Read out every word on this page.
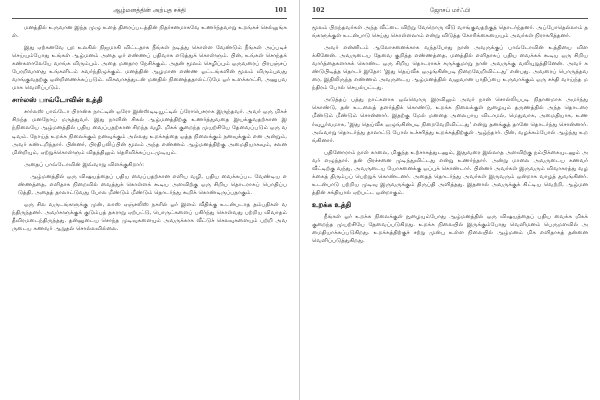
ஆழ்மனத்தின் அற்புத சக்தி	101

மனத்தில் உருவான இந்த முழு உளத் திரைப்படத்தின் நிதர்சனமாகவே உணர்ந்தவாறு உறங்கச் செல்லுங்கள்.

இது ஏற்கனவே புற உலகில் நிஜமாகி விட்டதாக நீங்கள் நடித்து கொள்ள வேண்டும் நீங்கள் அப்படிச் செய்யும்போது உங்கள் ஆழ்மனம் அதை ஓர் எண்ணப் பதிவாக எடுத்துக் கொள்ளும். பின், உங்கள் சொந்தக் கண்களாலேயே வாங்க விரும்பும். அதை மனதார நேசிக்கும். அதன் மூலம் செழிப்பும் ஒருவரைப் பிரபஞ்சப் பேரறிவாளது உங்களிடம் கவர்ந்திழுக்கும். மனத்தின் ஆழமான எண்ண ஓட்டங்களின் மூலம் விரும்புவது வாங்குவதற்கு ஒன்றிணைக்கப்படும். விசுவாசத்துடன் மனதில் நினைத்ததால்ட்டுமே ஓர் உளக்காட்சி, அனுபவமாக வெளிப்படும்.

சார்லஸ் பாவ்டோவின் உத்தி

சார்லஸ் பாவ்டோ பிரான்சு நாட்டின் ஒரோ இன்ஸ்டிடியூட்டில் ப்ரோபெசராக இருந்தவர். அவர் ஒரு மிகச் சிறந்த மனநோய் மருத்துவர். இது நாளின் சிகல் ஆழ்மனத்திற்கு உணர்த்துவதை இயக்குவதற்கான இந்நிலையே ஆழ்மனத்தில் பதிய வைப்பதற்கான சிறந்த வழி. மிகக் குறைந்த முயற்சியே தேவைப்படும் ஒரு வடிவம். நோய்த் உறக்க நிலைக்கும் நனவுக்கும் அல்லது உறக்கத்தை ஒத்த நிலைக்கும் நனவுக்கும் என அன்றும், அவர் கண்டறிந்தார். பின்னர், பிரதிபலிப்பின் மூலம் அந்த எண்ணம் ஆழ்மனத்திற்கு அமைதியாகவும், சலனமின்றியும், ஏற்றுக்கொள்ளும் விதத்திலும் தெரிவிக்கப்படமுடியும்.

அதைப் பாவ்டோவின் இவ்வாறு விளக்குகிறார்:

ஆழ்மனத்தில் ஒரு விஷயத்தைப் பதிய வைப்பதற்கான எளிய வழி, பதிய வைக்கப்பட வேண்டிய எண்ணத்தை, எளிதாக நிறைவில் வைத்துக் கொள்ளக் கூடிய அளவிற்கு ஒரு சிறிய தொடராகப் பொதிப்படுத்தி, அதைத் தாலாட்டுவது போல மீண்டும் மீண்டும் தொடர்ந்து கூறிக் கொண்டிருப்பதாகும்.

ஒரு சில வருடங்களுக்கு முன், லாஸ் ஏஞ்சலிஸ் நகரில் ஓர் இளம் வீதிக்கு உடன்படாத தம்பதிகள் வந்திருந்தனர். அவர்களுக்குக் குடும்பத் தகராறு ஏற்பட்டு, பொருட்களைப் பகிர்ந்து கொள்வது பற்றிய விவாதம் தீவிரமடைந்திருந்தது. தன்னுடைய சொந்த முடிவுகளையும் அவருக்காக வீட்டுச் செலவுகளையும் பற்றி அவருடைய கணவர் ஆறுதல் சொல்லவில்லை.

102	ஜோசப் மர்ஃபி

மூலம் பிறந்தவர்கள் அந்த வீட்டை விற்று வேறொரு வீடு வாங்குவதற்குத் தொடர்ந்தனர். அப்போதெல்லாம் தங்களுக்குள் உடன்பாடு செய்து கொள்ளலாம் என்று விடுத்த கோரிக்கையையும் அவர்கள் நிராகரித்தனர்.

அவர் என்னிடம் ஆலோசனைக்காக வந்தபோது நான் அவருக்குப் பாவ்டோவின் உத்தியை விளக்கினேன். அவருடைய தேவை குறித்த எண்ணத்தை, மனத்தில் எளிதாகப் பதிய வைக்கக் கூடிய ஒரு சிறிய வார்த்தைகளாகக் கொண்ட ஒரு சிறிய தொடராகச் சுருக்குமாறு நான் அவருக்கு வலியுறுத்தினேன். அவர் கண்டுபிடித்த தொடர் இதோ: 'இது தெய்வீக ஒழுங்கின்படி நிறைவேறிவிட்டது' என்பது. அவரைப் பொருத்தவரை, இதிலிருந்த எண்ணம் அவருடைய ஆழ்மனத்தில் வலுவான பாதிப்பை உருவாக்கும் ஒரு சக்தி வாய்ந்த மந்திரம் போல் செயல்பட்டது.

அடுத்தப் பத்து நாட்களாக ஒவ்வொரு இரவிலும் அவர் நான் சொல்லியபடி நிதானமாக அமர்ந்து கொண்டு, தன் உடலைத் தளர்த்திக் கொண்டு, உறக்க நிலைக்குள் நுழையும் தருணத்தில் அந்த தொடரை மீண்டும் மீண்டும் சொன்னார். இதற்கு மேல் மனதை அலைபாய விடாமல், மெதுவாக, அமைதியாக, உணர்வுபூர்வமாக, 'இது தெய்வீக ஒழுங்கின்படி நிறைவேறிவிட்டது' என்று தனக்குத் தானே தொடர்ந்து சொன்னார். அவ்வாறு தொடர்ந்து தாலாட்டு போல் உச்சரித்து உறக்கத்திற்குள் ஆழ்ந்தார். பின், வழக்கம்போல் ஆழ்ந்து உறங்கினார்.

பதினோராம் நாள் காலை, மிகுந்த உற்சாகத்துடனும், இதுவரை இல்லாத அளவிற்கு நம்பிக்கையுடனும் அவர் எழுந்தார். தன் பிரச்சனை முடிந்துவிட்டது என்று உணர்ந்தார். அன்று மாலை அவருடைய கணவர் வீட்டிற்கு வந்து, அவருடைய யோசனைக்கு ஒப்புக் கொண்டார். பின்னர் அவர்கள் இருவரும் விவாகரத்து வழக்கைத் திரும்பப் பெற்றுக் கொண்டனர். அதைத் தொடர்ந்து அவர்கள் இருவரும் ஒன்றாக வாழத் துவங்கினர். உடன்பாடு பற்றிய முடிவு இருவருக்கும் திருப்தி அளித்தது. இதனால் அவருக்குக் கிட்டிய வெற்றி, ஆழ்மனத்தின் சக்தியால் ஏற்பட்ட ஒன்றாகும்.

உறக்க உத்தி

நீங்கள் ஓர் உறக்க நிலைக்குள் நுழையும்போது ஆழ்மனத்தில் ஒரு விஷயத்தைப் பதிய வைக்க மிகக் குறைந்த முயற்சியே தேவைப்படுகிறது. உறக்க நிலையில் இருக்கும்போது வெளிமனம் பெருமளவில் அமைதியாக்கப்படுகிறது. உறக்கத்திற்குச் சற்று முன்பு உள்ள நிலையில் ஆழ்மனம் மிக எளிதாகத் தன்னை வெளிப்படுத்துகிறது.
